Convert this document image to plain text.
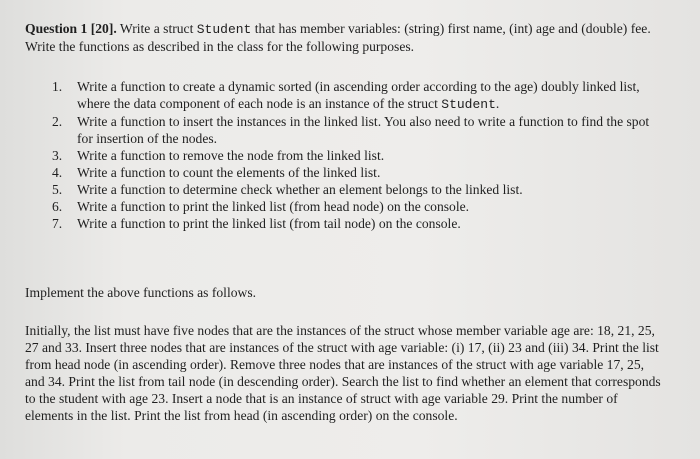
Question 1 [20]. Write a struct Student that has member variables: (string) first name, (int) age and (double) fee. Write the functions as described in the class for the following purposes.

1. Write a function to create a dynamic sorted (in ascending order according to the age) doubly linked list, where the data component of each node is an instance of the struct Student.
2. Write a function to insert the instances in the linked list. You also need to write a function to find the spot for insertion of the nodes.
3. Write a function to remove the node from the linked list.
4. Write a function to count the elements of the linked list.
5. Write a function to determine check whether an element belongs to the linked list.
6. Write a function to print the linked list (from head node) on the console.
7. Write a function to print the linked list (from tail node) on the console.

Implement the above functions as follows.

Initially, the list must have five nodes that are the instances of the struct whose member variable age are: 18, 21, 25, 27 and 33. Insert three nodes that are instances of the struct with age variable: (i) 17, (ii) 23 and (iii) 34. Print the list from head node (in ascending order). Remove three nodes that are instances of the struct with age variable 17, 25, and 34. Print the list from tail node (in descending order). Search the list to find whether an element that corresponds to the student with age 23. Insert a node that is an instance of struct with age variable 29. Print the number of elements in the list. Print the list from head (in ascending order) on the console.
